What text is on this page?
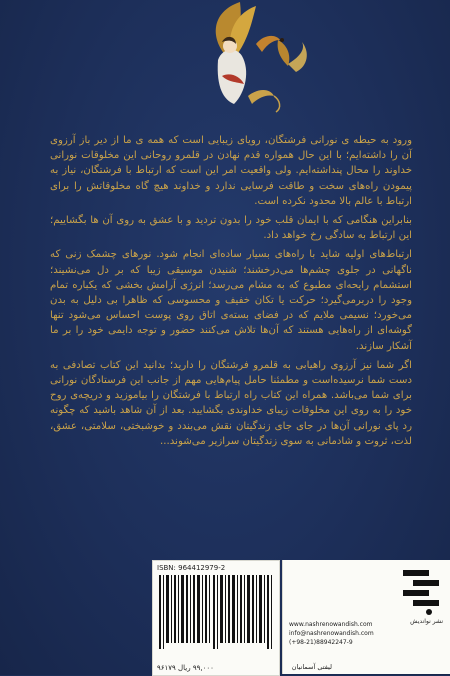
ورود به حیطه ی نورانی فرشتگان، رویای زیبایی است که همه ی ما از دیر باز آرزوی آن را داشته‌ایم؛ با این حال همواره قدم نهادن در قلمرو روحانی این مخلوقات نورانی خداوند را محال پنداشته‌ایم. ولی واقعیت امر این است که ارتباط با فرشتگان، نیاز به پیمودن راه‌های سخت و طاقت فرسایی ندارد و خداوند هیچ گاه مخلوقاتش را برای ارتباط با عالم بالا محدود نکرده است.

بنابراین هنگامی که با ایمان قلب خود را بدون تردید و با عشق به روی آن ها بگشاییم؛ این ارتباط به سادگی رخ خواهد داد.

ارتباط‌های اولیه شاید با راه‌های بسیار ساده‌ای انجام شود. نورهای چشمک زنی که ناگهانی در جلوی چشم‌ها می‌درخشند؛ شنیدن موسیقی زیبا که بر دل می‌نشیند؛ استشمام رایحه‌ای مطبوع که به مشام می‌رسد؛ انرژی آرامش بخشی که یکباره تمام وجود را دربرمی‌گیرد؛ حرکت یا تکان خفیف و محسوسی که ظاهرا بی دلیل به بدن می‌خورد؛ نسیمی ملایم که در فضای بسته‌ی اتاق روی پوست احساس می‌شود تنها گوشه‌ای از راه‌هایی هستند که آن‌ها تلاش می‌کنند حضور و توجه دایمی خود را بر ما آشکار سازند.

اگر شما نیز آرزوی راهیابی به قلمرو فرشتگان را دارید؛ بدانید این کتاب تصادفی به دست شما نرسیده‌است و مطمئنا حامل پیام‌هایی مهم از جانب این فرستادگان نورانی برای شما می‌باشد. همراه این کتاب راه ارتباط با فرشتگان را بیاموزید و دریچه‌ی روح خود را به روی این مخلوقات زیبای خداوندی بگشایید. بعد از آن شاهد باشید که چگونه رد پای نورانی آن‌ها در جای جای زندگیتان نقش می‌بندد و خوشبختی، سلامتی، عشق، لذت، ثروت و شادمانی به سوی زندگیتان سرازیر می‌شوند...

ISBN: 964412979-2
۹۹,۰۰۰ ریال ۹۶۱۷۹
نشر نواندیش
www.nashrenowandish.com
info@nashrenowandish.com
(+98-21)88942247-9
لیفتی آسمانیان
